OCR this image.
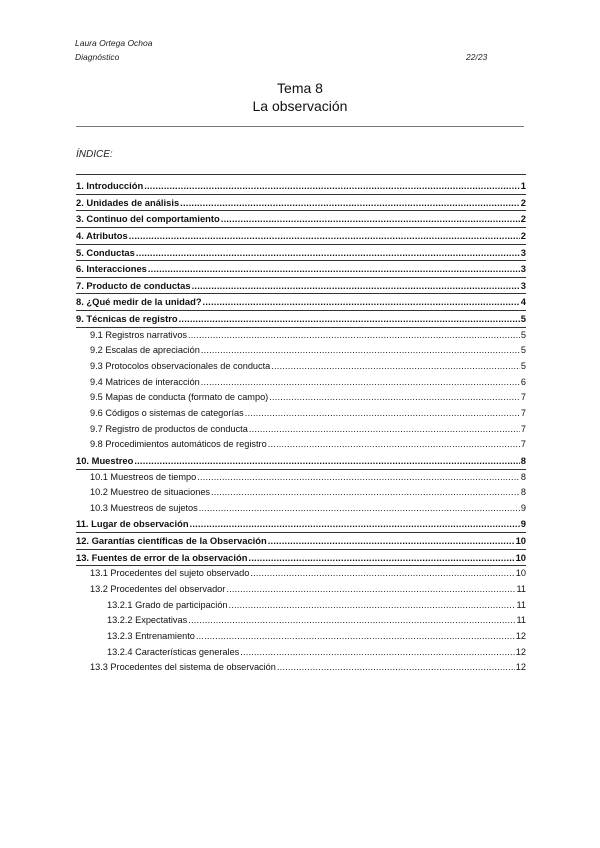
Laura Ortega Ochoa
Diagnóstico	22/23
Tema 8
La observación
ÍNDICE:
1. Introducción .....	1
2. Unidades de análisis .....	2
3. Continuo del comportamiento .....	2
4. Atributos .....	2
5. Conductas .....	3
6. Interacciones .....	3
7. Producto de conductas .....	3
8. ¿Qué medir de la unidad? .....	4
9. Técnicas de registro .....	5
9.1 Registros narrativos .....	5
9.2 Escalas de apreciación .....	5
9.3 Protocolos observacionales de conducta .....	5
9.4 Matrices de interacción .....	6
9.5 Mapas de conducta (formato de campo) .....	7
9.6 Códigos o sistemas de categorías .....	7
9.7 Registro de productos de conducta .....	7
9.8 Procedimientos automáticos de registro .....	7
10. Muestreo .....	8
10.1 Muestreos de tiempo .....	8
10.2 Muestreo de situaciones .....	8
10.3 Muestreos de sujetos .....	9
11. Lugar de observación .....	9
12. Garantías científicas de la Observación .....	10
13. Fuentes de error de la observación .....	10
13.1 Procedentes del sujeto observado .....	10
13.2 Procedentes del observador .....	11
13.2.1 Grado de participación .....	11
13.2.2 Expectativas .....	11
13.2.3 Entrenamiento .....	12
13.2.4 Características generales .....	12
13.3 Procedentes del sistema de observación .....	12
